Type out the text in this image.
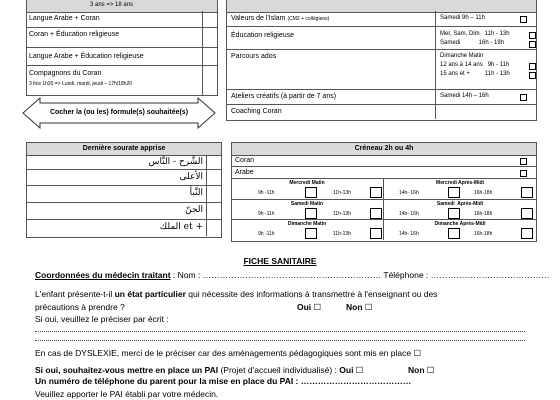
3 ans => 18 ans
Langue Arabe + Coran
Coran + Éducation religieuse
Langue Arabe + Éducation religieuse
Compagnons du Coran
3 fois 1h20 => Lundi, mardi, jeudi – 17h/18h20
Valeurs de l'Islam (CM2 + collégiens)	Samedi 9h – 11h
Éducation religieuse	Mer, Sam, Dim   11h - 13h
Samedi           16h - 18h
Parcours ados	Dimanche Matin
12 ans à 14 ans   9h - 11h
15 ans et +         11h - 13h
Ateliers créatifs (à partir de 7 ans)	Samedi 14h – 16h
Coaching Coran
Cocher la (ou les) formule(s) souhaitée(s)
Dernière sourate apprise
الشَّرح - النَّاس
الأعلى
النَّبأ
الجنّ
+ et الملك
Créneau 2h ou 4h
Coran
Arabe
Mercredi Matin
9h -11h	11h-13h
Mercredi Après-Midi
14h- 16h	16h-18h
Samedi Matin
9h -11h	11h-13h
Samedi  Après-Midi
14h- 16h	16h-18h
Dimanche Matin
9h -11h	11h-13h
Dimanche Après-Midi
14h- 16h	16h-18h
FICHE SANITAIRE
Coordonnées du médecin traitant : Nom : ……………………………………………………… Téléphone : ……………………………………
L'enfant présente-t-il un état particulier qui nécessite des informations à transmettre à l'enseignant ou des
précautions à prendre ?	Oui ☐	Non ☐
Si oui, veuillez le préciser par écrit :
En cas de DYSLEXIE, merci de le préciser car des aménagements pédagogiques sont mis en place ☐
Si oui, souhaitez-vous mettre en place un PAI (Projet d'accueil individualisé) : Oui ☐	Non ☐
Un numéro de téléphone du parent pour la mise en place du PAI : …………………………………
Veuillez apporter le PAI établi par votre médecin.
